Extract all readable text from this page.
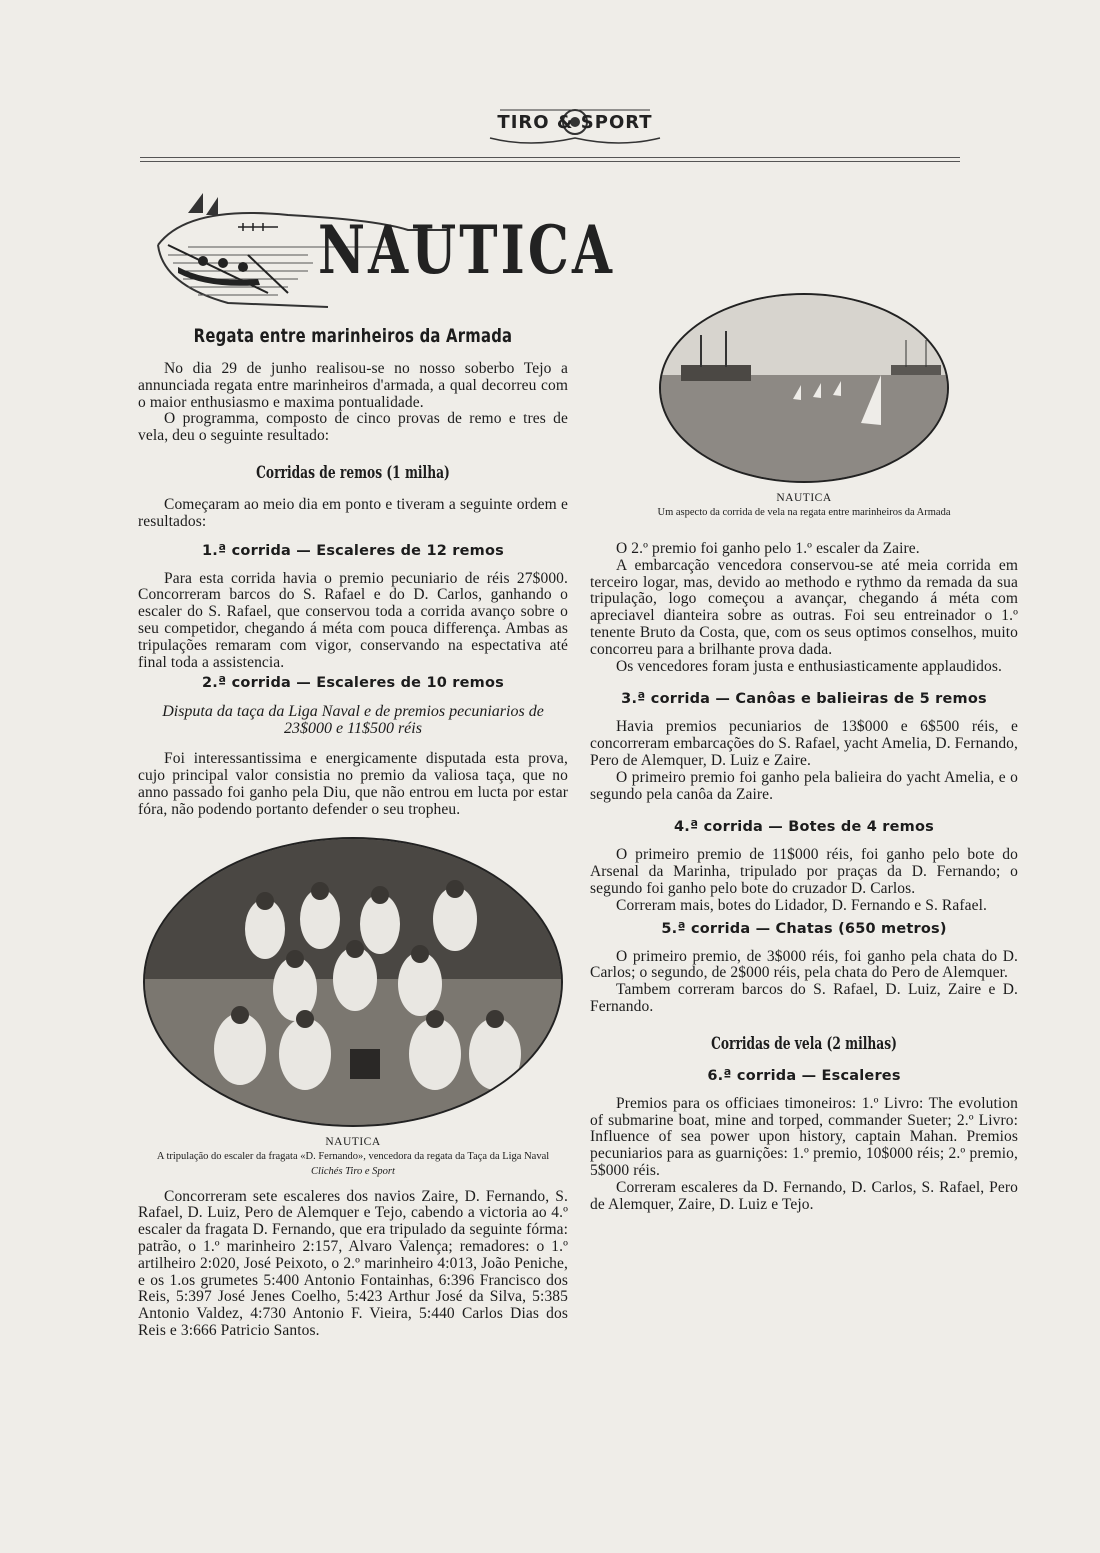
TIRO & SPORT
NAUTICA
Regata entre marinheiros da Armada

No dia 29 de junho realisou-se no nosso soberbo Tejo a annunciada regata entre marinheiros d'armada, a qual decorreu com o maior enthusiasmo e maxima pontualidade.

O programma, composto de cinco provas de remo e tres de vela, deu o seguinte resultado:

Corridas de remos (1 milha)

Começaram ao meio dia em ponto e tiveram a seguinte ordem e resultados:

1.ª corrida — Escaleres de 12 remos

Para esta corrida havia o premio pecuniario de réis 27$000. Concorreram barcos do S. Rafael e do D. Carlos, ganhando o escaler do S. Rafael, que conservou toda a corrida avanço sobre o seu competidor, chegando á méta com pouca differença. Ambas as tripulações remaram com vigor, conservando na espectativa até final toda a assistencia.

2.ª corrida — Escaleres de 10 remos

Disputa da taça da Liga Naval e de premios pecuniarios de 23$000 e 11$500 réis

Foi interessantissima e energicamente disputada esta prova, cujo principal valor consistia no premio da valiosa taça, que no anno passado foi ganho pela Diu, que não entrou em lucta por estar fóra, não podendo portanto defender o seu tropheu.

NAUTICA
A tripulação do escaler da fragata «D. Fernando», vencedora da regata da Taça da Liga Naval
Clichés Tiro e Sport

Concorreram sete escaleres dos navios Zaire, D. Fernando, S. Rafael, D. Luiz, Pero de Alemquer e Tejo, cabendo a victoria ao 4.º escaler da fragata D. Fernando, que era tripulado da seguinte fórma: patrão, o 1.º marinheiro 2:157, Alvaro Valença; remadores: o 1.º artilheiro 2:020, José Peixoto, o 2.º marinheiro 4:013, João Peniche, e os 1.os grumetes 5:400 Antonio Fontainhas, 6:396 Francisco dos Reis, 5:397 José Jenes Coelho, 5:423 Arthur José da Silva, 5:385 Antonio Valdez, 4:730 Antonio F. Vieira, 5:440 Carlos Dias dos Reis e 3:666 Patricio Santos.

NAUTICA
Um aspecto da corrida de vela na regata entre marinheiros da Armada

O 2.º premio foi ganho pelo 1.º escaler da Zaire.

A embarcação vencedora conservou-se até meia corrida em terceiro logar, mas, devido ao methodo e rythmo da remada da sua tripulação, logo começou a avançar, chegando á méta com apreciavel dianteira sobre as outras. Foi seu entreinador o 1.º tenente Bruto da Costa, que, com os seus optimos conselhos, muito concorreu para a brilhante prova dada.

Os vencedores foram justa e enthusiasticamente applaudidos.

3.ª corrida — Canôas e balieiras de 5 remos

Havia premios pecuniarios de 13$000 e 6$500 réis, e concorreram embarcações do S. Rafael, yacht Amelia, D. Fernando, Pero de Alemquer, D. Luiz e Zaire.

O primeiro premio foi ganho pela balieira do yacht Amelia, e o segundo pela canôa da Zaire.

4.ª corrida — Botes de 4 remos

O primeiro premio de 11$000 réis, foi ganho pelo bote do Arsenal da Marinha, tripulado por praças da D. Fernando; o segundo foi ganho pelo bote do cruzador D. Carlos.

Correram mais, botes do Lidador, D. Fernando e S. Rafael.

5.ª corrida — Chatas (650 metros)

O primeiro premio, de 3$000 réis, foi ganho pela chata do D. Carlos; o segundo, de 2$000 réis, pela chata do Pero de Alemquer.

Tambem correram barcos do S. Rafael, D. Luiz, Zaire e D. Fernando.

Corridas de vela (2 milhas)
6.ª corrida — Escaleres

Premios para os officiaes timoneiros: 1.º Livro: The evolution of submarine boat, mine and torped, commander Sueter; 2.º Livro: Influence of sea power upon history, captain Mahan. Premios pecuniarios para as guarnições: 1.º premio, 10$000 réis; 2.º premio, 5$000 réis.

Correram escaleres da D. Fernando, D. Carlos, S. Rafael, Pero de Alemquer, Zaire, D. Luiz e Tejo.
